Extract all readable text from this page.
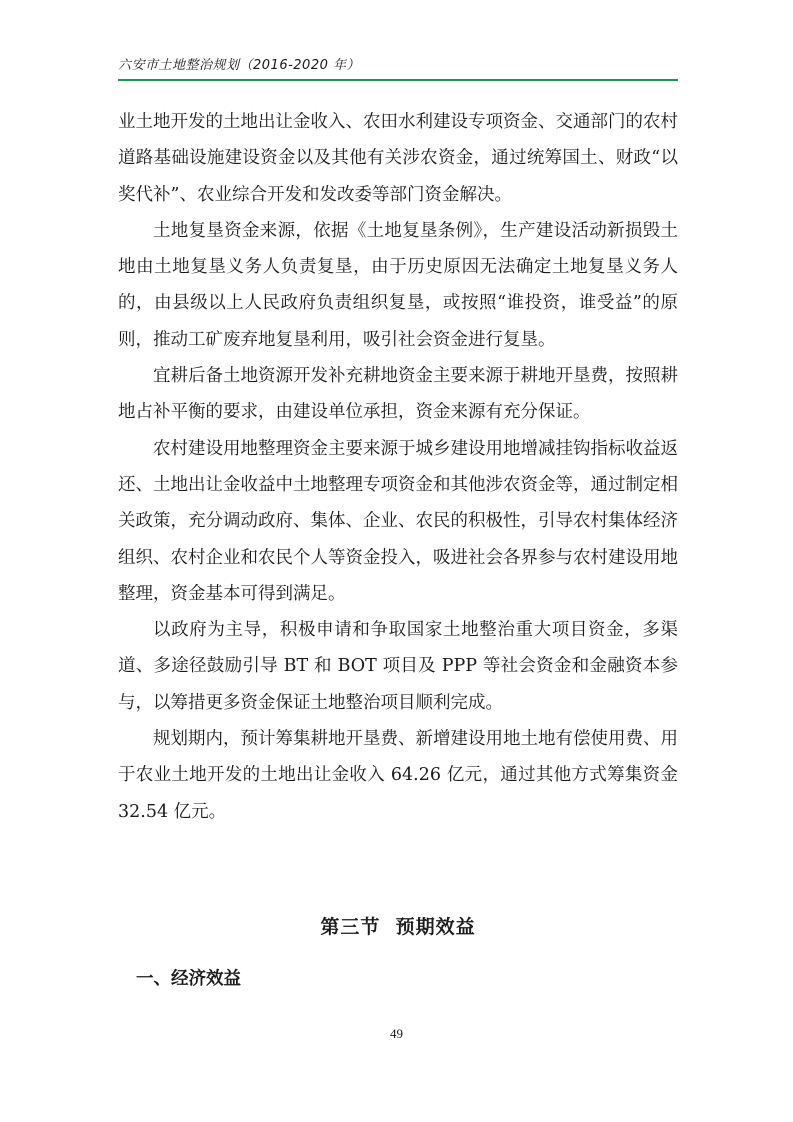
六安市土地整治规划（2016-2020 年）

业土地开发的土地出让金收入、农田水利建设专项资金、交通部门的农村道路基础设施建设资金以及其他有关涉农资金，通过统筹国土、财政“以奖代补”、农业综合开发和发改委等部门资金解决。

土地复垦资金来源，依据《土地复垦条例》，生产建设活动新损毁土地由土地复垦义务人负责复垦，由于历史原因无法确定土地复垦义务人的，由县级以上人民政府负责组织复垦，或按照“谁投资，谁受益”的原则，推动工矿废弃地复垦利用，吸引社会资金进行复垦。

宜耕后备土地资源开发补充耕地资金主要来源于耕地开垦费，按照耕地占补平衡的要求，由建设单位承担，资金来源有充分保证。

农村建设用地整理资金主要来源于城乡建设用地增减挂钩指标收益返还、土地出让金收益中土地整理专项资金和其他涉农资金等，通过制定相关政策，充分调动政府、集体、企业、农民的积极性，引导农村集体经济组织、农村企业和农民个人等资金投入，吸进社会各界参与农村建设用地整理，资金基本可得到满足。

以政府为主导，积极申请和争取国家土地整治重大项目资金，多渠道、多途径鼓励引导 BT 和 BOT 项目及 PPP 等社会资金和金融资本参与，以筹措更多资金保证土地整治项目顺利完成。

规划期内，预计筹集耕地开垦费、新增建设用地土地有偿使用费、用于农业土地开发的土地出让金收入 64.26 亿元，通过其他方式筹集资金 32.54 亿元。

第三节  预期效益
一、经济效益
49
